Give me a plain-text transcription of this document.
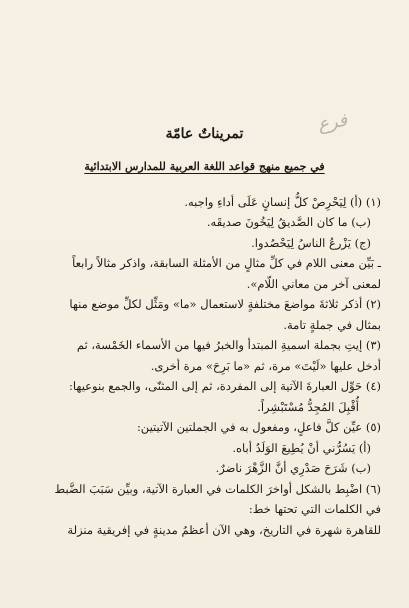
فرع
تمريناتٌ عامّة
في جميع منهج قواعد اللغة العربية للمدارس الابتدائية

(١) (أ) لِيَحْرِصْ كلُّ إنسانٍ عَلَى أداءِ واجبه.

(ب) ما كان الصَّديقُ لِيَخُونَ صديقَه.

(ج) يَزْرعُ الناسُ لِيَحْصُدوا.

ـ بَيِّن معنى اللام في كلِّ مثالٍ من الأمثلة السابقة، واذكر مثالاً رابعاً

لمعنى آخر من معاني اللّام».

(٢) أذكر ثلاثةَ مواضعَ مختلفةٍ لاستعمال «ما» ومَثِّل لكلِّ موضع منها

بمثال في جملةٍ تامة.

(٣) إيتِ بجملة اسميةِ المبتدأ والخبرُ فيها من الأسماء الخَمْسة، ثم

أدخل عليها «لَيْتَ» مرة، ثم «ما بَرِحَ» مرة أخرى.

(٤) حَوِّل العبارةَ الآتية إلى المفردة، ثم إلى المثنّى، والجمع بنوعيها:

أُقْبِلَ المُجِدُّ مُسْتَبْشِراً.

(٥) عيِّن كلَّ فاعلٍ، ومفعول به في الجملتين الآتيتين:

(أ) يَسُرُّني أنْ يُطِيعَ الوَلَدُ أباه.

(ب) شَرَحَ صَدْرِي أنَّ الزَّهْرَ ناضرٌ.

(٦) اضْبِط بالشكل أواخرَ الكلمات في العبارة الآتية، وبيِّن سَبَبَ الضَّبط

في الكلمات التي تحتها خط:

للقاهرة شهرة في التاريخ، وهي الآن أعظمُ مدينةٍ في إفريقية منزلة
